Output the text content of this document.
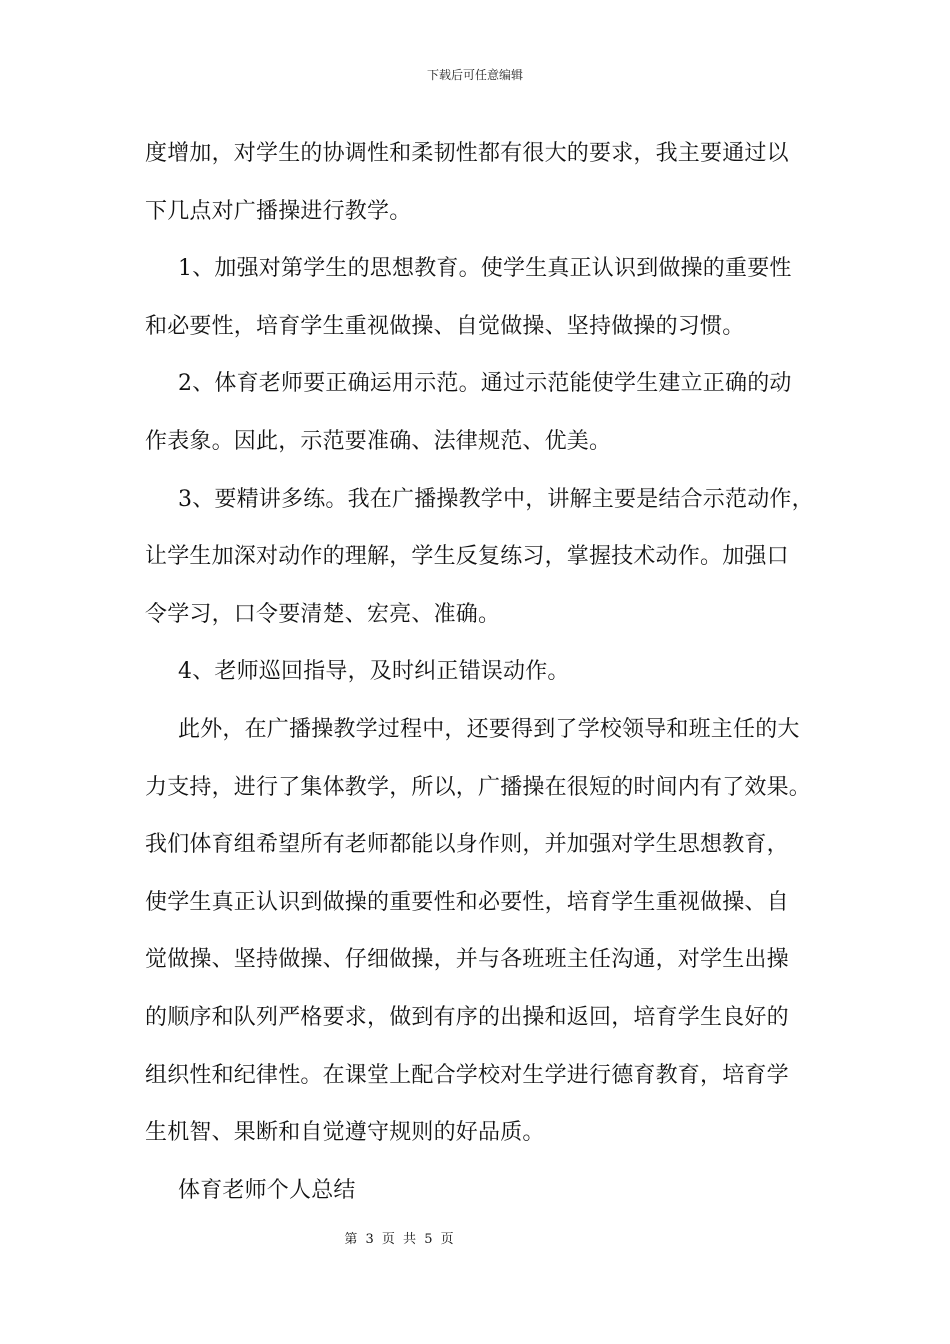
下载后可任意编辑
度增加，对学生的协调性和柔韧性都有很大的要求，我主要通过以
下几点对广播操进行教学。
1、加强对第学生的思想教育。使学生真正认识到做操的重要性
和必要性，培育学生重视做操、自觉做操、坚持做操的习惯。
2、体育老师要正确运用示范。通过示范能使学生建立正确的动
作表象。因此，示范要准确、法律规范、优美。
3、要精讲多练。我在广播操教学中，讲解主要是结合示范动作，
让学生加深对动作的理解，学生反复练习，掌握技术动作。加强口
令学习，口令要清楚、宏亮、准确。
4、老师巡回指导，及时纠正错误动作。
此外，在广播操教学过程中，还要得到了学校领导和班主任的大
力支持，进行了集体教学，所以，广播操在很短的时间内有了效果。
我们体育组希望所有老师都能以身作则，并加强对学生思想教育，
使学生真正认识到做操的重要性和必要性，培育学生重视做操、自
觉做操、坚持做操、仔细做操，并与各班班主任沟通，对学生出操
的顺序和队列严格要求，做到有序的出操和返回，培育学生良好的
组织性和纪律性。在课堂上配合学校对生学进行德育教育，培育学
生机智、果断和自觉遵守规则的好品质。
体育老师个人总结
第 3 页 共 5 页
